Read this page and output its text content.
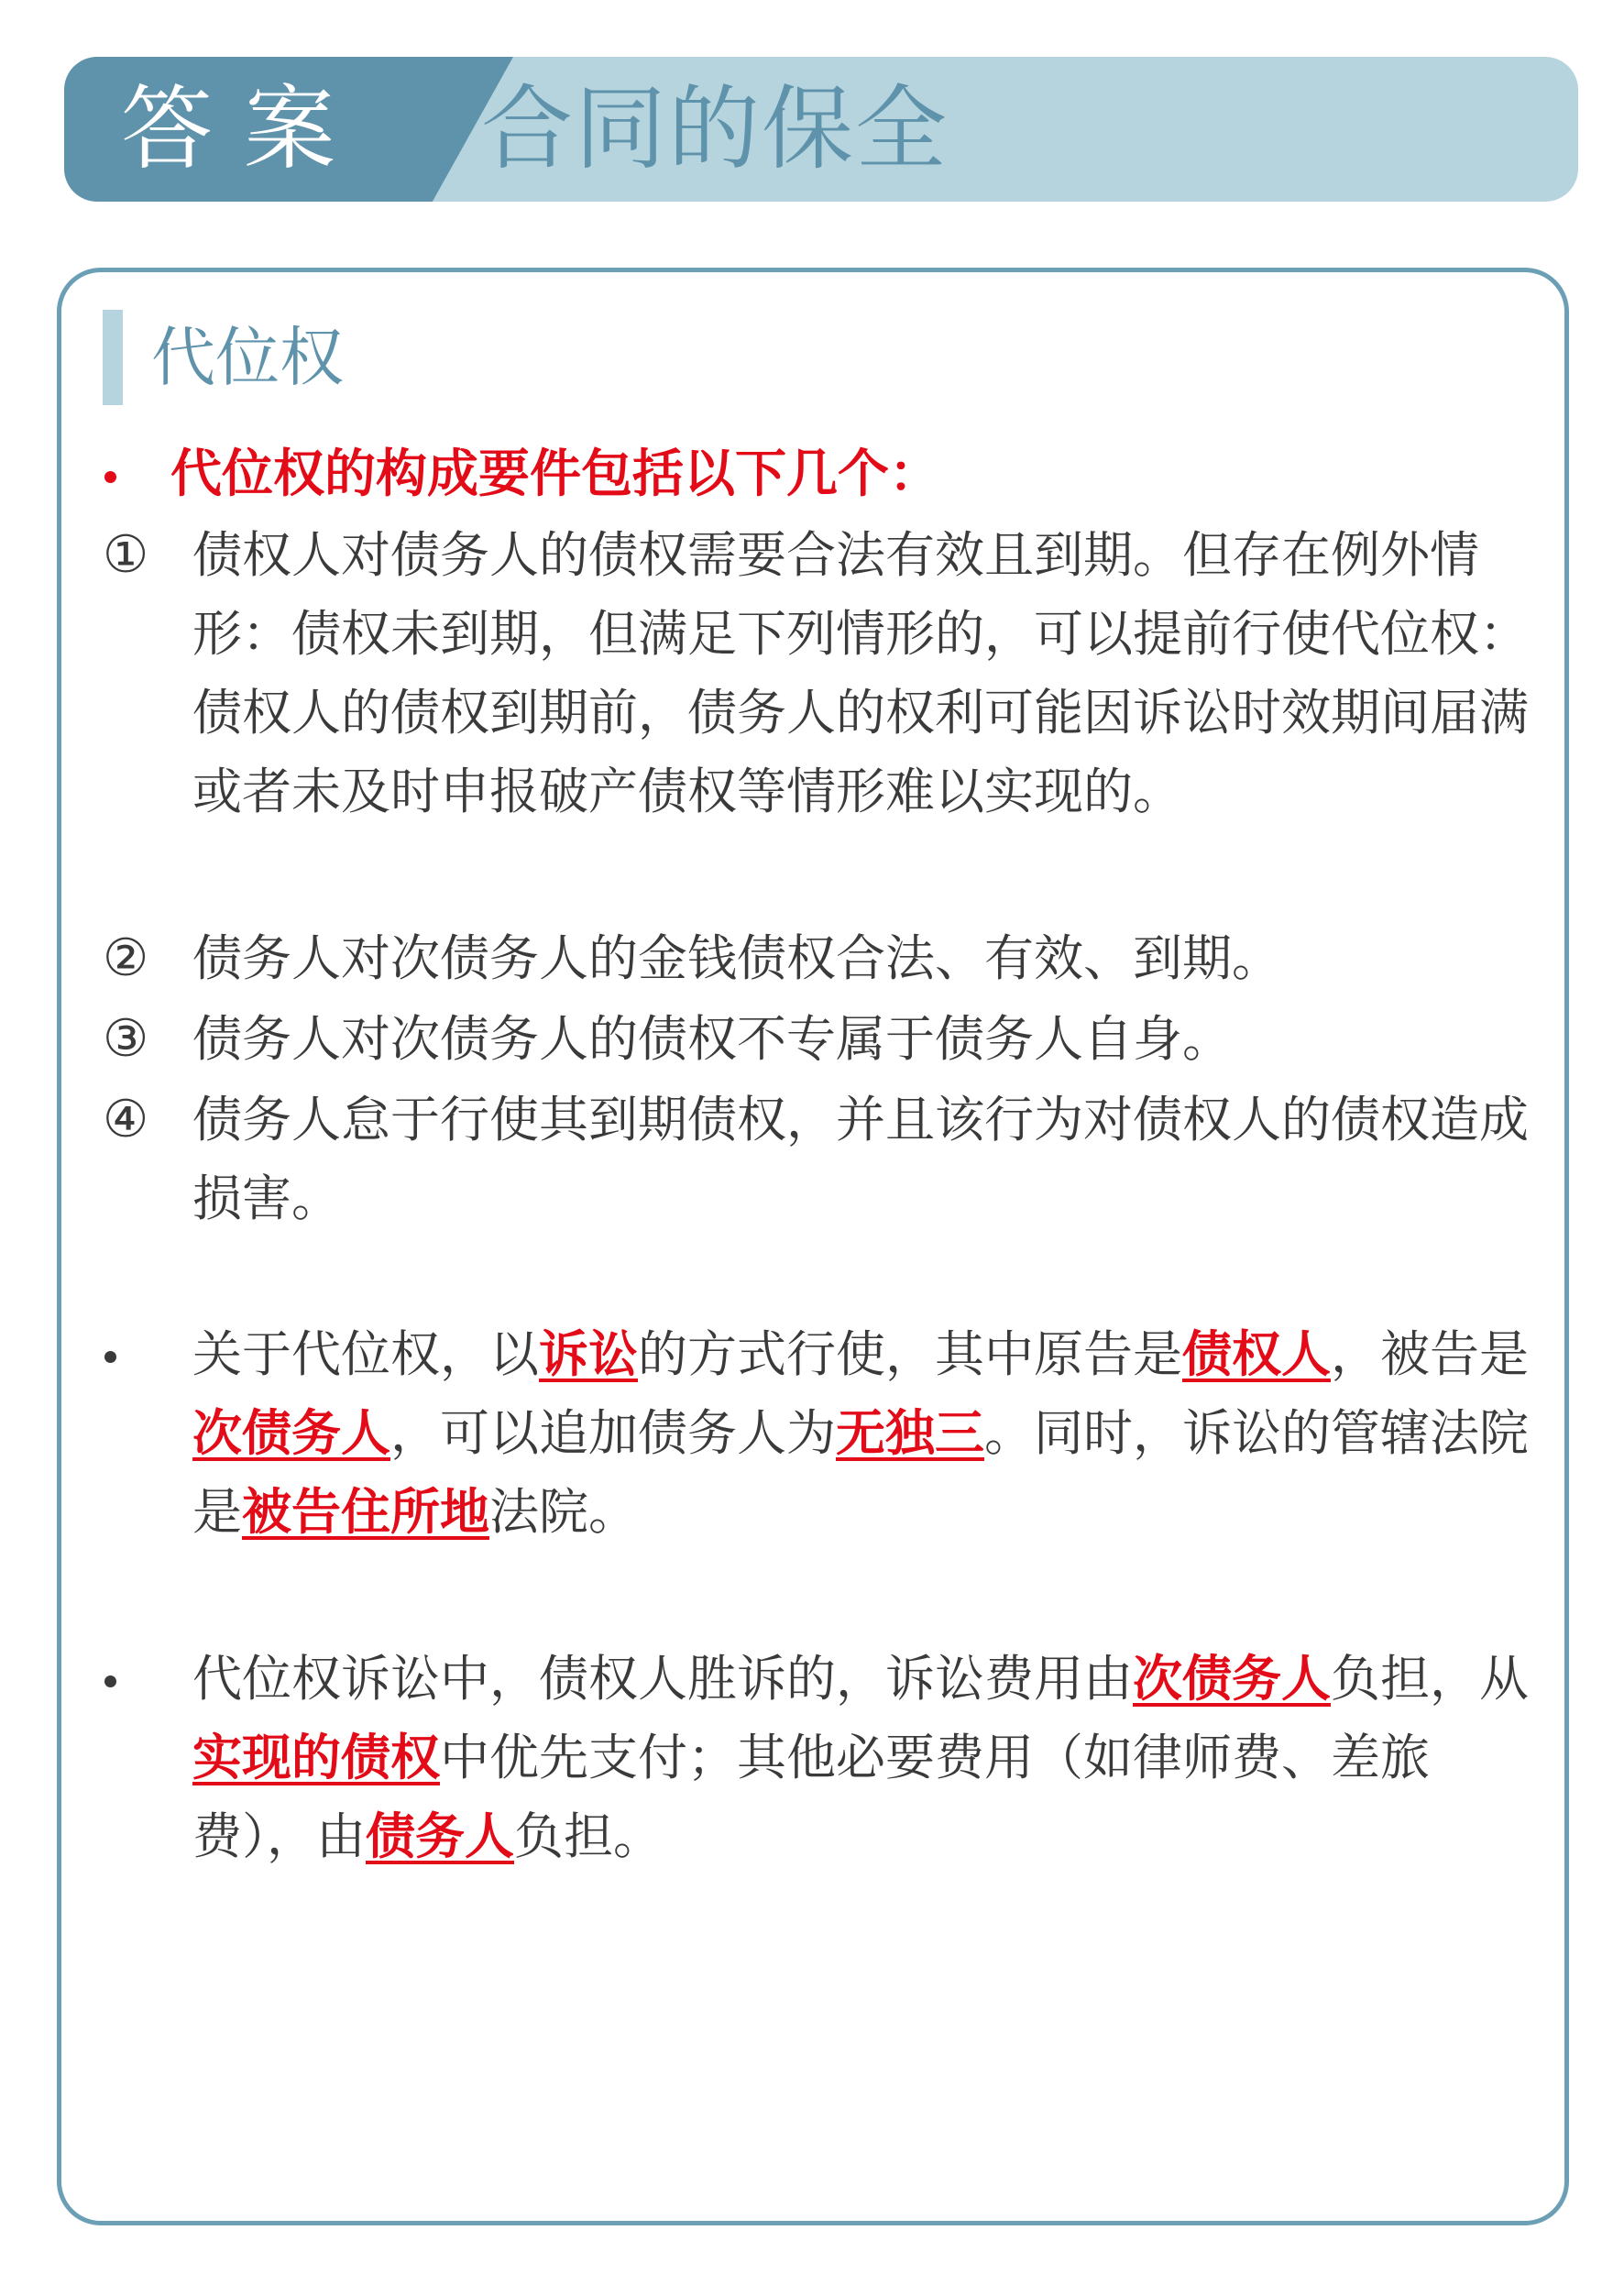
答案 合同的保全
代位权
代位权的构成要件包括以下几个：
① 债权人对债务人的债权需要合法有效且到期。但存在例外情形：债权未到期，但满足下列情形的，可以提前行使代位权：债权人的债权到期前，债务人的权利可能因诉讼时效期间届满或者未及时申报破产债权等情形难以实现的。
② 债务人对次债务人的金钱债权合法、有效、到期。
③ 债务人对次债务人的债权不专属于债务人自身。
④ 债务人怠于行使其到期债权，并且该行为对债权人的债权造成损害。
关于代位权，以诉讼的方式行使，其中原告是债权人，被告是次债务人，可以追加债务人为无独三。同时，诉讼的管辖法院是被告住所地法院。
代位权诉讼中，债权人胜诉的，诉讼费用由次债务人负担，从实现的债权中优先支付；其他必要费用（如律师费、差旅费），由债务人负担。
